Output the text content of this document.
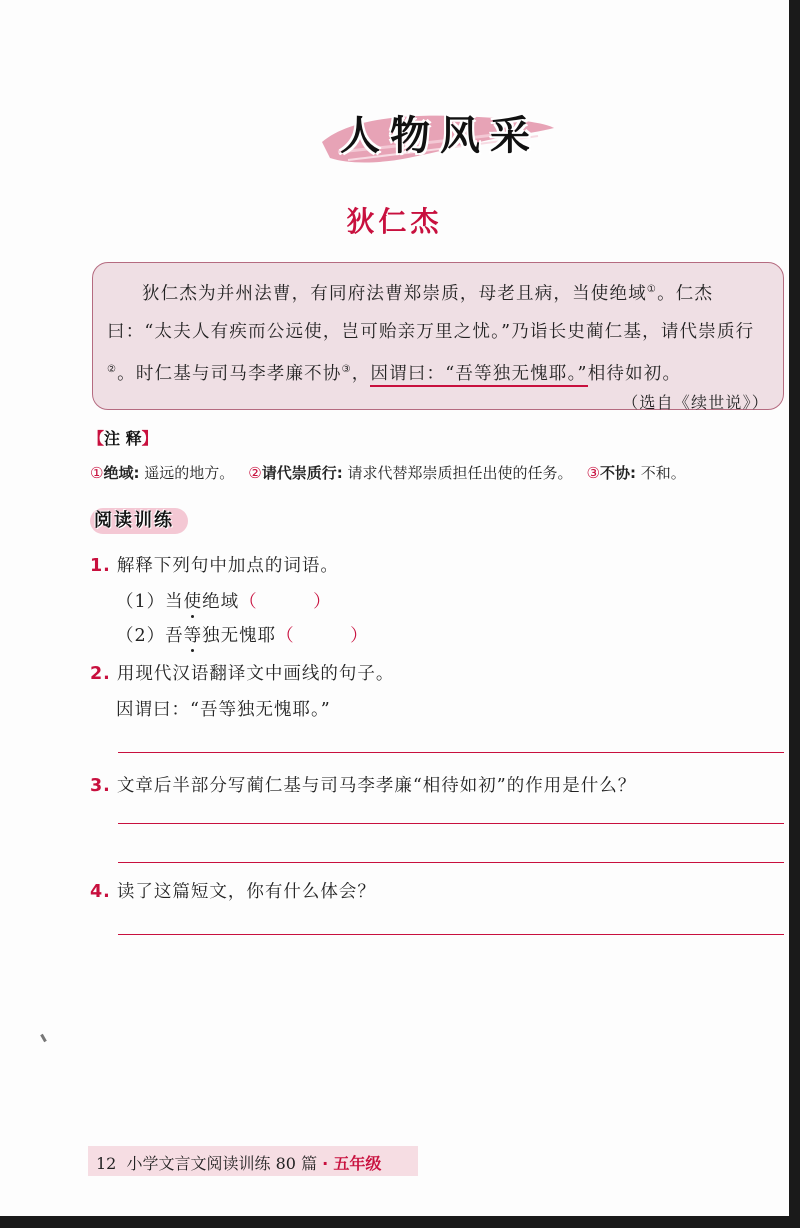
人物风采
狄仁杰

狄仁杰为并州法曹，有同府法曹郑崇质，母老且病，当使绝域①。仁杰曰：“太夫人有疾而公远使，岂可贻亲万里之忧。”乃诣长史蔺仁基，请代崇质行②。时仁基与司马李孝廉不协③，因谓曰：“吾等独无愧耶。”相待如初。

（选自《续世说》）
【注 释】
①绝域: 遥远的地方。 ②请代崇质行: 请求代替郑崇质担任出使的任务。 ③不协: 不和。
阅读训练
1. 解释下列句中加点的词语。
（1）当使绝域（　　　）
（2）吾等独无愧耶（　　　）
2. 用现代汉语翻译文中画线的句子。
因谓曰：“吾等独无愧耶。”
3. 文章后半部分写蔺仁基与司马李孝廉“相待如初”的作用是什么？
4. 读了这篇短文，你有什么体会？
12 小学文言文阅读训练 80 篇 · 五年级
